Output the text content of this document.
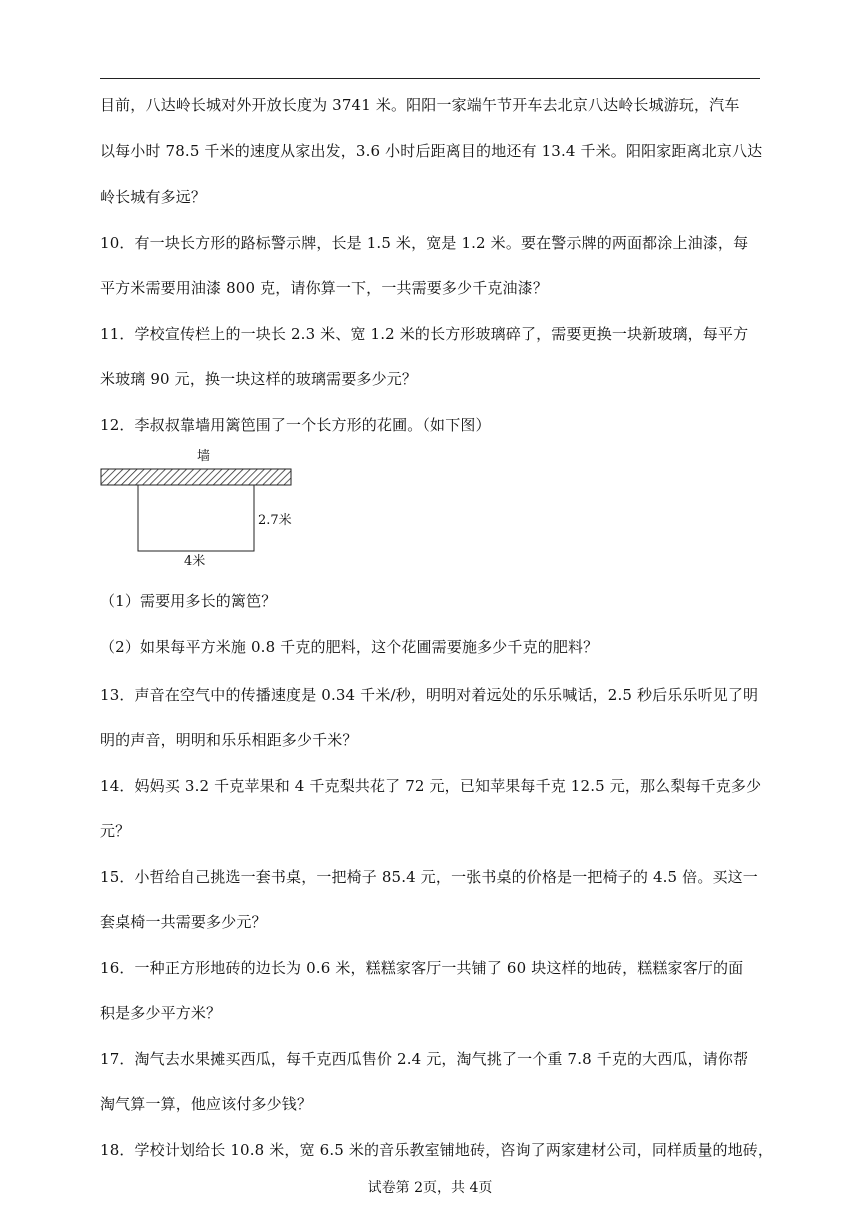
目前，八达岭长城对外开放长度为 3741 米。阳阳一家端午节开车去北京八达岭长城游玩，汽车
以每小时 78.5 千米的速度从家出发，3.6 小时后距离目的地还有 13.4 千米。阳阳家距离北京八达
岭长城有多远？
10．有一块长方形的路标警示牌，长是 1.5 米，宽是 1.2 米。要在警示牌的两面都涂上油漆，每
平方米需要用油漆 800 克，请你算一下，一共需要多少千克油漆？
11．学校宣传栏上的一块长 2.3 米、宽 1.2 米的长方形玻璃碎了，需要更换一块新玻璃，每平方
米玻璃 90 元，换一块这样的玻璃需要多少元？
12．李叔叔靠墙用篱笆围了一个长方形的花圃。（如下图）
墙
2.7米
4米
（1）需要用多长的篱笆？
（2）如果每平方米施 0.8 千克的肥料，这个花圃需要施多少千克的肥料？
13．声音在空气中的传播速度是 0.34 千米/秒，明明对着远处的乐乐喊话，2.5 秒后乐乐听见了明
明的声音，明明和乐乐相距多少千米？
14．妈妈买 3.2 千克苹果和 4 千克梨共花了 72 元，已知苹果每千克 12.5 元，那么梨每千克多少
元？
15．小哲给自己挑选一套书桌，一把椅子 85.4 元，一张书桌的价格是一把椅子的 4.5 倍。买这一
套桌椅一共需要多少元？
16．一种正方形地砖的边长为 0.6 米，糕糕家客厅一共铺了 60 块这样的地砖，糕糕家客厅的面
积是多少平方米？
17．淘气去水果摊买西瓜，每千克西瓜售价 2.4 元，淘气挑了一个重 7.8 千克的大西瓜，请你帮
淘气算一算，他应该付多少钱？
18．学校计划给长 10.8 米，宽 6.5 米的音乐教室铺地砖，咨询了两家建材公司，同样质量的地砖，
试卷第 2页，共 4页
